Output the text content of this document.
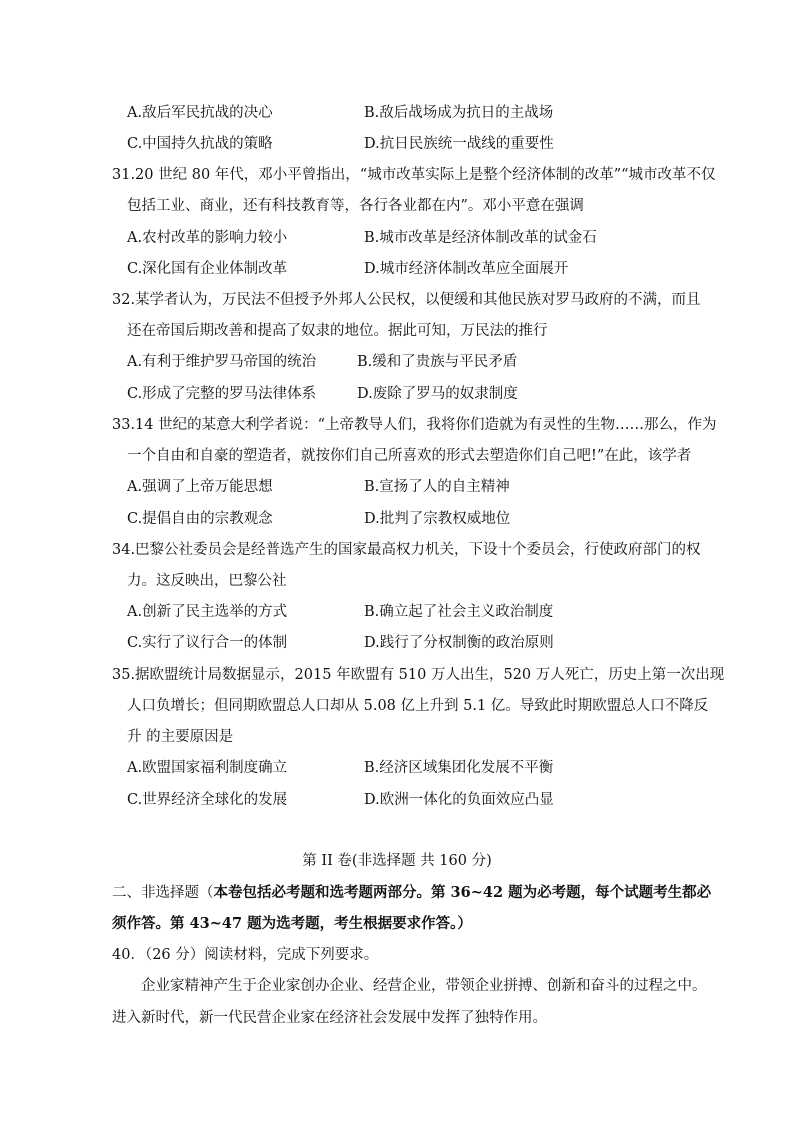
A.敌后军民抗战的决心	B.敌后战场成为抗日的主战场
C.中国持久抗战的策略	D.抗日民族统一战线的重要性
31.20 世纪 80 年代，邓小平曾指出，“城市改革实际上是整个经济体制的改革”“城市改革不仅
包括工业、商业，还有科技教育等，各行各业都在内”。邓小平意在强调
A.农村改革的影响力较小	B.城市改革是经济体制改革的试金石
C.深化国有企业体制改革	D.城市经济体制改革应全面展开
32.某学者认为，万民法不但授予外邦人公民权，以便缓和其他民族对罗马政府的不满，而且
还在帝国后期改善和提高了奴隶的地位。据此可知，万民法的推行
A.有利于维护罗马帝国的统治	B.缓和了贵族与平民矛盾
C.形成了完整的罗马法律体系	D.废除了罗马的奴隶制度
33.14 世纪的某意大利学者说：“上帝教导人们，我将你们造就为有灵性的生物……那么，作为
一个自由和自豪的塑造者，就按你们自己所喜欢的形式去塑造你们自己吧!”在此，该学者
A.强调了上帝万能思想	B.宣扬了人的自主精神
C.提倡自由的宗教观念	D.批判了宗教权威地位
34.巴黎公社委员会是经普选产生的国家最高权力机关，下设十个委员会，行使政府部门的权
力。这反映出，巴黎公社
A.创新了民主选举的方式	B.确立起了社会主义政治制度
C.实行了议行合一的体制	D.践行了分权制衡的政治原则
35.据欧盟统计局数据显示，2015 年欧盟有 510 万人出生，520 万人死亡，历史上第一次出现
人口负增长；但同期欧盟总人口却从 5.08 亿上升到 5.1 亿。导致此时期欧盟总人口不降反
升 的主要原因是
A.欧盟国家福利制度确立	B.经济区域集团化发展不平衡
C.世界经济全球化的发展	D.欧洲一体化的负面效应凸显
第 II 卷(非选择题 共 160 分)
二、非选择题（本卷包括必考题和选考题两部分。第 36~42 题为必考题，每个试题考生都必
须作答。第 43~47 题为选考题，考生根据要求作答。）
40．（26 分）阅读材料，完成下列要求。
企业家精神产生于企业家创办企业、经营企业，带领企业拼搏、创新和奋斗的过程之中。
进入新时代，新一代民营企业家在经济社会发展中发挥了独特作用。
